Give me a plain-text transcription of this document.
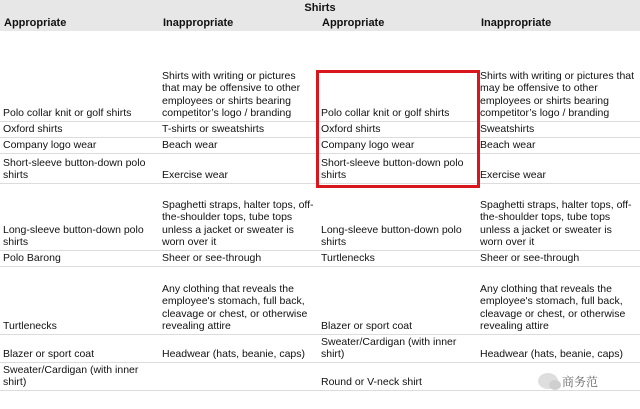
Shirts
Appropriate	Inappropriate	Appropriate	Inappropriate
Polo collar knit or golf shirts	Shirts with writing or pictures that may be offensive to other employees or shirts bearing competitor’s logo / branding	Polo collar knit or golf shirts	Shirts with writing or pictures that may be offensive to other employees or shirts bearing competitor’s logo / branding
Oxford shirts	T-shirts or sweatshirts	Oxford shirts	Sweatshirts
Company logo wear	Beach wear	Company logo wear	Beach wear
Short-sleeve button-down polo shirts	Exercise wear	Short-sleeve button-down polo shirts	Exercise wear
Long-sleeve button-down polo shirts	Spaghetti straps, halter tops, off-the-shoulder tops, tube tops unless a jacket or sweater is worn over it	Long-sleeve button-down polo shirts	Spaghetti straps, halter tops, off-the-shoulder tops, tube tops unless a jacket or sweater is worn over it
Polo Barong	Sheer or see-through	Turtlenecks	Sheer or see-through
Turtlenecks	Any clothing that reveals the employee's stomach, full back, cleavage or chest, or otherwise revealing attire	Blazer or sport coat	Any clothing that reveals the employee's stomach, full back, cleavage or chest, or otherwise revealing attire
Blazer or sport coat	Headwear (hats, beanie, caps)	Sweater/Cardigan (with inner shirt)	Headwear (hats, beanie, caps)
Sweater/Cardigan (with inner shirt)		Round or V-neck shirt		商务范
